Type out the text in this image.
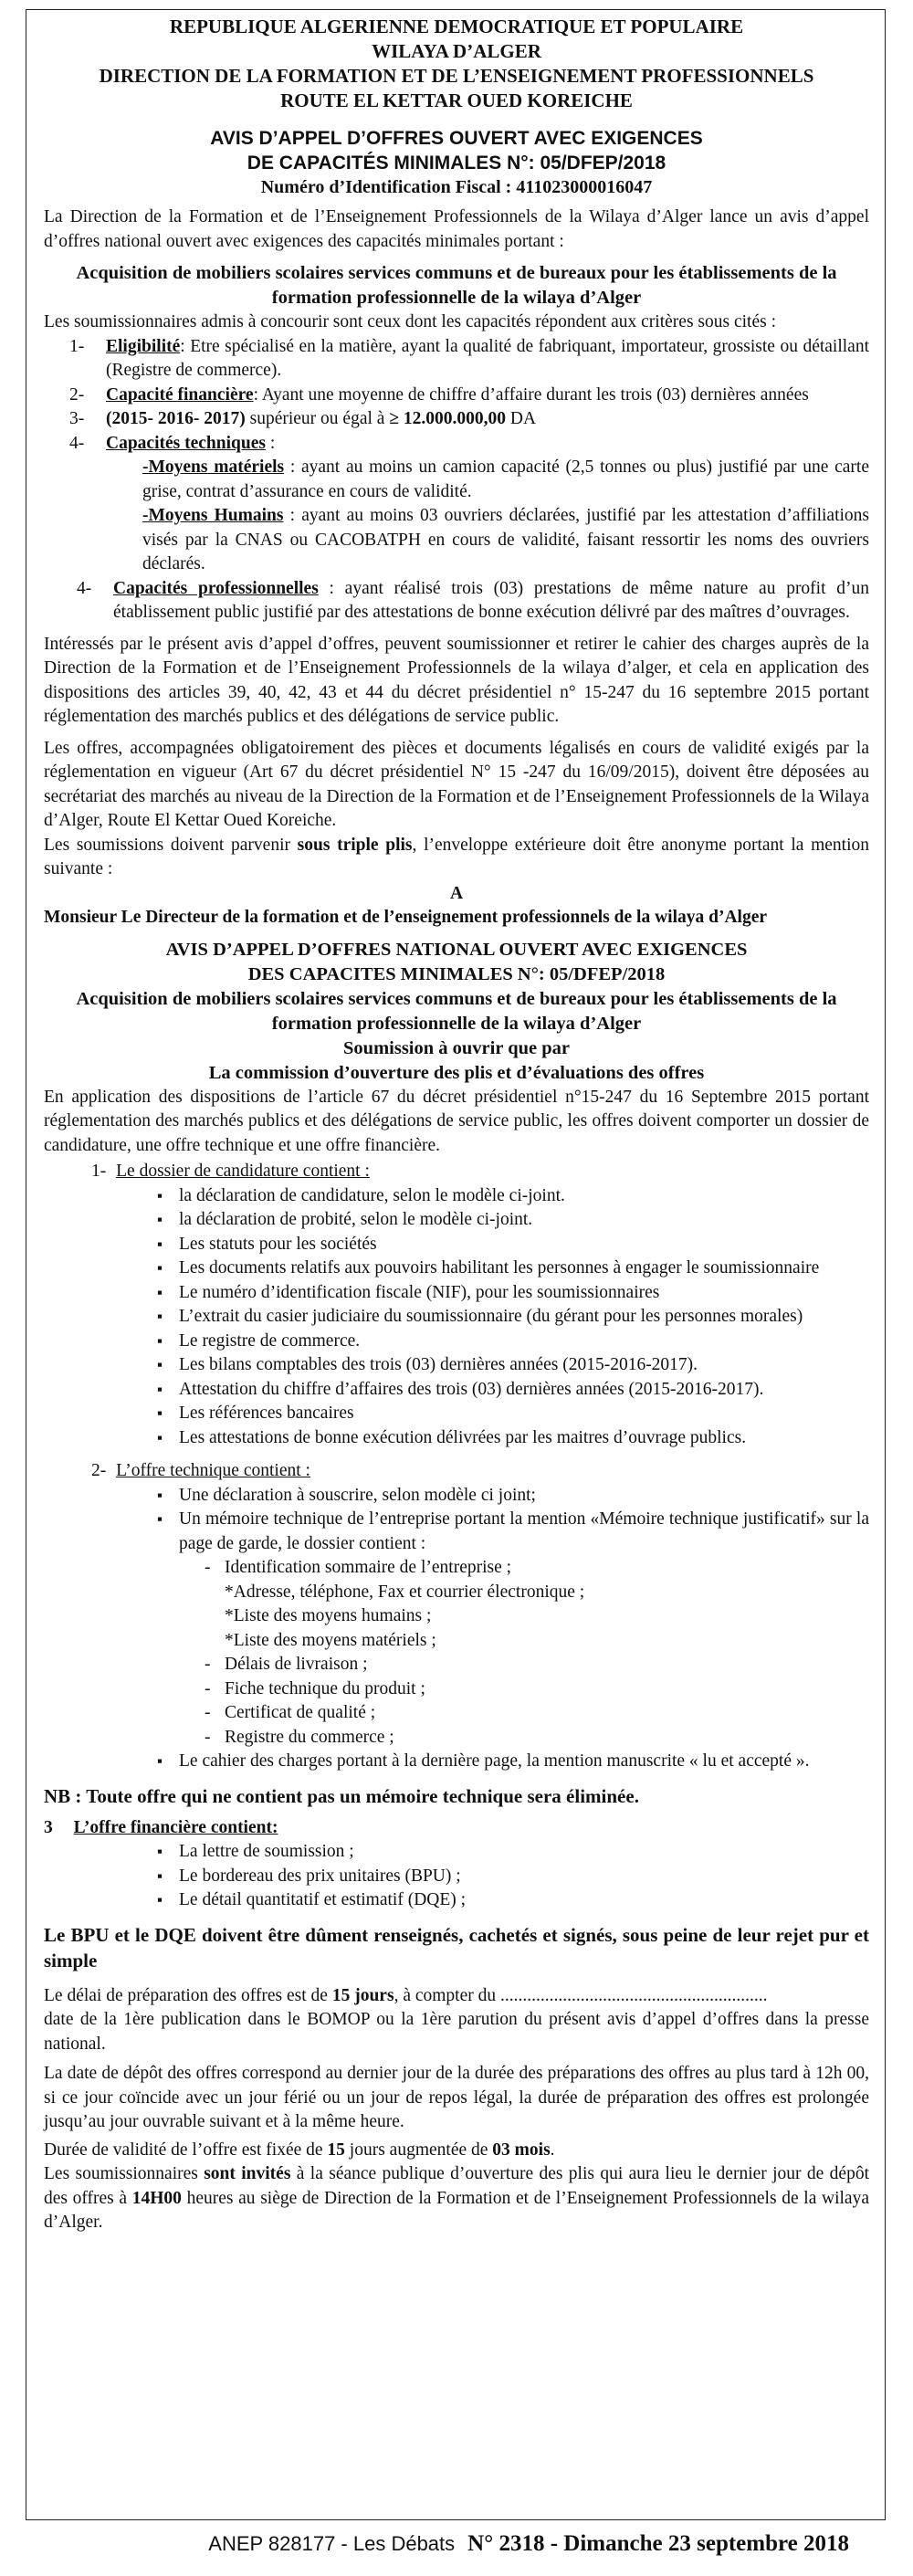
REPUBLIQUE ALGERIENNE DEMOCRATIQUE ET POPULAIRE

WILAYA D’ALGER

DIRECTION DE LA FORMATION ET DE L’ENSEIGNEMENT PROFESSIONNELS

ROUTE EL KETTAR OUED KOREICHE

AVIS D’APPEL D’OFFRES OUVERT AVEC EXIGENCES

DE CAPACITÉS MINIMALES N°: 05/DFEP/2018

Numéro d’Identification Fiscal : 411023000016047

La Direction de la Formation et de l’Enseignement Professionnels de la Wilaya d’Alger lance un avis d’appel d’offres national ouvert avec exigences des capacités minimales portant :

Acquisition de mobiliers scolaires services communs et de bureaux pour les établissements de la formation professionnelle de la wilaya d’Alger

Les soumissionnaires admis à concourir sont ceux dont les capacités répondent aux critères sous cités :

1-	Eligibilité: Etre spécialisé en la matière, ayant la qualité de fabriquant, importateur, grossiste ou détaillant (Registre de commerce).
2-	Capacité financière: Ayant une moyenne de chiffre d’affaire durant les trois (03) dernières années
3-	(2015- 2016- 2017) supérieur ou égal à ≥ 12.000.000,00 DA
4-	Capacités techniques :
-Moyens matériels : ayant au moins un camion capacité (2,5 tonnes ou plus) justifié par une carte grise, contrat d’assurance en cours de validité.
-Moyens Humains : ayant au moins 03 ouvriers déclarées, justifié par les attestation d’affiliations visés par la CNAS ou CACOBATPH en cours de validité, faisant ressortir les noms des ouvriers déclarés.
4-	Capacités professionnelles : ayant réalisé trois (03) prestations de même nature au profit d’un établissement public justifié par des attestations de bonne exécution délivré par des maîtres d’ouvrages.

Intéressés par le présent avis d’appel d’offres, peuvent soumissionner et retirer le cahier des charges auprès de la Direction de la Formation et de l’Enseignement Professionnels de la wilaya d’alger, et cela en application des dispositions des articles 39, 40, 42, 43 et 44 du décret présidentiel n° 15-247 du 16 septembre 2015 portant réglementation des marchés publics et des délégations de service public.

Les offres, accompagnées obligatoirement des pièces et documents légalisés en cours de validité exigés par la réglementation en vigueur (Art 67 du décret présidentiel N° 15 -247 du 16/09/2015), doivent être déposées au secrétariat des marchés au niveau de la Direction de la Formation et de l’Enseignement Professionnels de la Wilaya d’Alger, Route El Kettar Oued Koreiche.

Les soumissions doivent parvenir sous triple plis, l’enveloppe extérieure doit être anonyme portant la mention suivante :

A

Monsieur Le Directeur de la formation et de l’enseignement professionnels de la wilaya d’Alger

AVIS D’APPEL D’OFFRES NATIONAL OUVERT AVEC EXIGENCES

DES CAPACITES MINIMALES N°: 05/DFEP/2018

Acquisition de mobiliers scolaires services communs et de bureaux pour les établissements de la formation professionnelle de la wilaya d’Alger

Soumission à ouvrir que par

La commission d’ouverture des plis et d’évaluations des offres

En application des dispositions de l’article 67 du décret présidentiel n°15-247 du 16 Septembre 2015 portant réglementation des marchés publics et des délégations de service public, les offres doivent comporter un dossier de candidature, une offre technique et une offre financière.

1- Le dossier de candidature contient :
▪ la déclaration de candidature, selon le modèle ci-joint.
▪ la déclaration de probité, selon le modèle ci-joint.
▪ Les statuts pour les sociétés
▪ Les documents relatifs aux pouvoirs habilitant les personnes à engager le soumissionnaire
▪ Le numéro d’identification fiscale (NIF), pour les soumissionnaires
▪ L’extrait du casier judiciaire du soumissionnaire (du gérant pour les personnes morales)
▪ Le registre de commerce.
▪ Les bilans comptables des trois (03) dernières années (2015-2016-2017).
▪ Attestation du chiffre d’affaires des trois (03) dernières années (2015-2016-2017).
▪ Les références bancaires
▪ Les attestations de bonne exécution délivrées par les maitres d’ouvrage publics.
2- L’offre technique contient :
▪ Une déclaration à souscrire, selon modèle ci joint;
▪ Un mémoire technique de l’entreprise portant la mention «Mémoire technique justificatif» sur la page de garde, le dossier contient :
- Identification sommaire de l’entreprise ;
*Adresse, téléphone, Fax et courrier électronique ;
*Liste des moyens humains ;
*Liste des moyens matériels ;
- Délais de livraison ;
- Fiche technique du produit ;
- Certificat de qualité ;
- Registre du commerce ;
▪ Le cahier des charges portant à la dernière page, la mention manuscrite « lu et accepté ».

NB : Toute offre qui ne contient pas un mémoire technique sera éliminée.

3 L’offre financière contient:
▪ La lettre de soumission ;
▪ Le bordereau des prix unitaires (BPU) ;
▪ Le détail quantitatif et estimatif (DQE) ;

Le BPU et le DQE doivent être dûment renseignés, cachetés et signés, sous peine de leur rejet pur et simple

Le délai de préparation des offres est de 15 jours, à compter du ............................................................

date de la 1ère publication dans le BOMOP ou la 1ère parution du présent avis d’appel d’offres dans la presse national.

La date de dépôt des offres correspond au dernier jour de la durée des préparations des offres au plus tard à 12h 00, si ce jour coïncide avec un jour férié ou un jour de repos légal, la durée de préparation des offres est prolongée jusqu’au jour ouvrable suivant et à la même heure.

Durée de validité de l’offre est fixée de 15 jours augmentée de 03 mois.

Les soumissionnaires sont invités à la séance publique d’ouverture des plis qui aura lieu le dernier jour de dépôt des offres à 14H00 heures au siège de Direction de la Formation et de l’Enseignement Professionnels de la wilaya d’Alger.

ANEP 828177 - Les Débats N° 2318 - Dimanche 23 septembre 2018
